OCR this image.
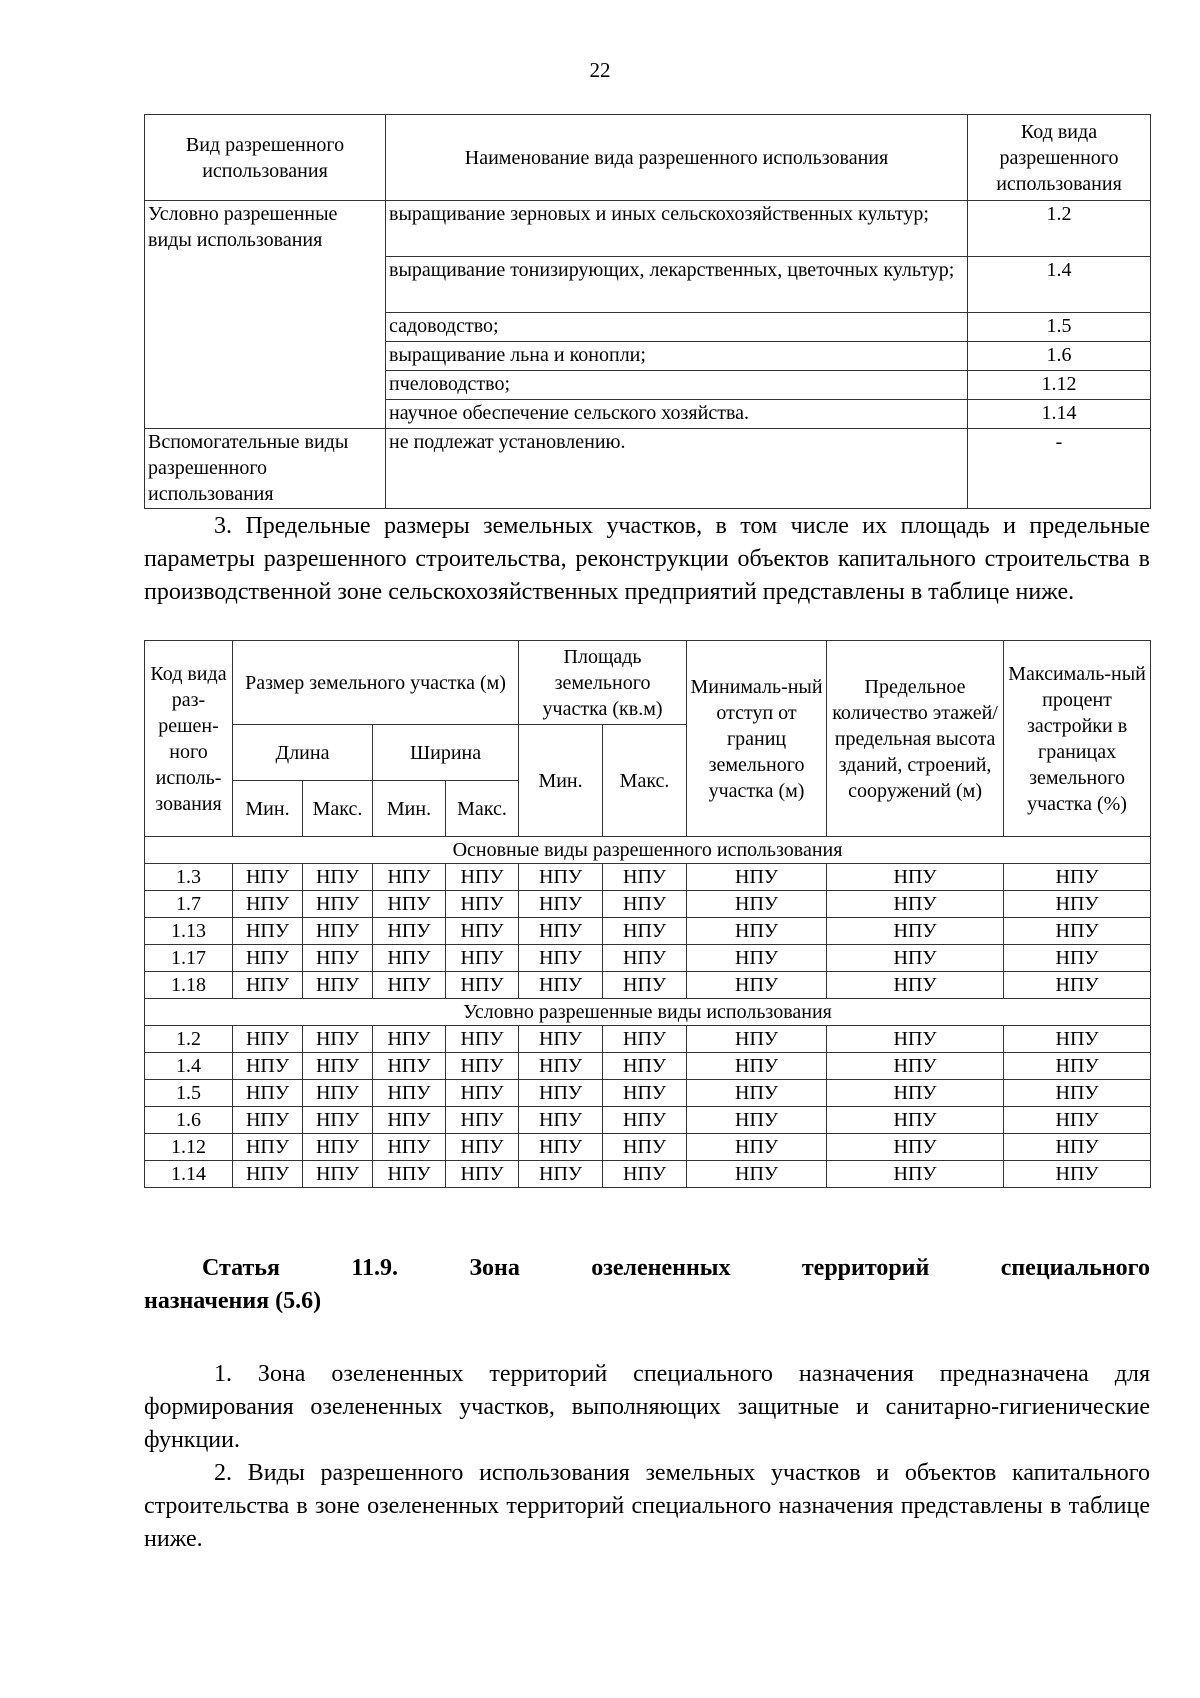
22
Вид разрешенного использования	Наименование вида разрешенного использования	Код вида разрешенного использования
Условно разрешенные виды использования	выращивание зерновых и иных сельскохозяйственных культур;	1.2
	выращивание тонизирующих, лекарственных, цветочных культур;	1.4
	садоводство;	1.5
	выращивание льна и конопли;	1.6
	пчеловодство;	1.12
	научное обеспечение сельского хозяйства.	1.14
Вспомогательные виды разрешенного использования	не подлежат установлению.	-
3. Предельные размеры земельных участков, в том числе их площадь и предельные параметры разрешенного строительства, реконструкции объектов капитального строительства в производственной зоне сельскохозяйственных предприятий представлены в таблице ниже.
Код вида раз-решен-ного исполь-зования	Размер земельного участка (м)				Площадь земельного участка (кв.м)		Минималь-ный отступ от границ земельного участка (м)	Предельное количество этажей/ предельная высота зданий, строений, сооружений (м)	Максималь-ный процент застройки в границах земельного участка (%)
	Длина		Ширина		Мин.	Макс.			
	Мин.	Макс.	Мин.	Макс.					
Основные виды разрешенного использования									
1.3	НПУ	НПУ	НПУ	НПУ	НПУ	НПУ	НПУ	НПУ	НПУ
1.7	НПУ	НПУ	НПУ	НПУ	НПУ	НПУ	НПУ	НПУ	НПУ
1.13	НПУ	НПУ	НПУ	НПУ	НПУ	НПУ	НПУ	НПУ	НПУ
1.17	НПУ	НПУ	НПУ	НПУ	НПУ	НПУ	НПУ	НПУ	НПУ
1.18	НПУ	НПУ	НПУ	НПУ	НПУ	НПУ	НПУ	НПУ	НПУ
Условно разрешенные виды использования									
1.2	НПУ	НПУ	НПУ	НПУ	НПУ	НПУ	НПУ	НПУ	НПУ
1.4	НПУ	НПУ	НПУ	НПУ	НПУ	НПУ	НПУ	НПУ	НПУ
1.5	НПУ	НПУ	НПУ	НПУ	НПУ	НПУ	НПУ	НПУ	НПУ
1.6	НПУ	НПУ	НПУ	НПУ	НПУ	НПУ	НПУ	НПУ	НПУ
1.12	НПУ	НПУ	НПУ	НПУ	НПУ	НПУ	НПУ	НПУ	НПУ
1.14	НПУ	НПУ	НПУ	НПУ	НПУ	НПУ	НПУ	НПУ	НПУ
Статья	11.9.	Зона	озелененных	территорий	специального
назначения (5.6)
1. Зона озелененных территорий специального назначения предназначена для формирования озелененных участков, выполняющих защитные и санитарно-гигиенические функции.
2. Виды разрешенного использования земельных участков и объектов капитального строительства в зоне озелененных территорий специального назначения представлены в таблице ниже.
